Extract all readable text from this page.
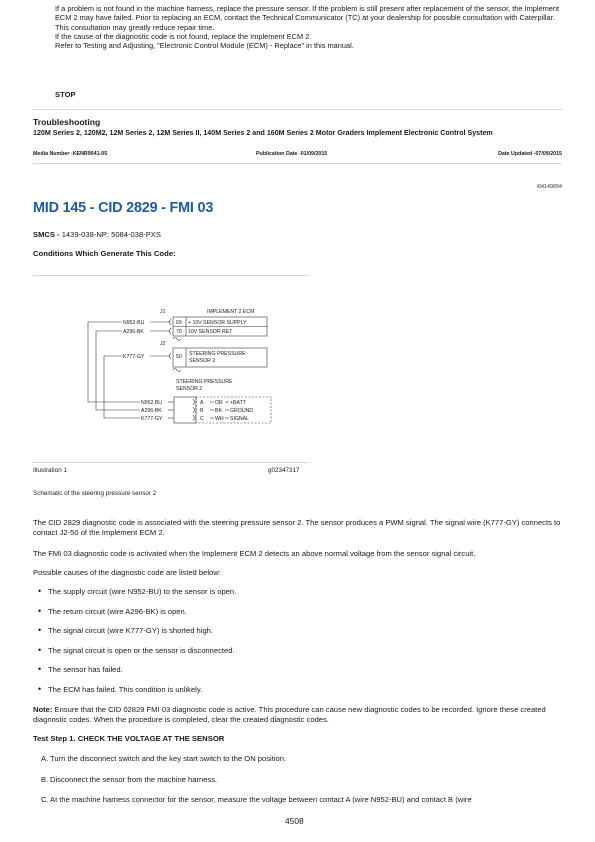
If a problem is not found in the machine harness, replace the pressure sensor. If the problem is still present after replacement of the sensor, the Implement ECM 2 may have failed. Prior to replacing an ECM, contact the Technical Communicator (TC) at your dealership for possible consultation with Caterpillar. This consultation may greatly reduce repair time.

If the cause of the diagnostic code is not found, replace the Implement ECM 2.

Refer to Testing and Adjusting, "Electronic Control Module (ECM) - Replace" in this manual.

STOP
Troubleshooting
120M Series 2, 120M2, 12M Series 2, 12M Series II, 140M Series 2 and 160M Series 2 Motor Graders Implement Electronic Control System
Media Number -KENR9041-05	Publication Date -01/09/2015	Date Updated -07/09/2015
i04149894
MID 145 - CID 2829 - FMI 03
SMCS - 1439-038-NP; 5084-038-PXS
Conditions Which Generate This Code:
J1	IMPLEMENT 2 ECM
N952-BU
A296-BK
69
70
+ 10V SENSOR SUPPLY
10V SENSOR RET
J2
K777-GY	50 STEERING PRESSURE
SENSOR 2
STEERING PRESSURE
SENSOR 2
N952 BU
A296-BK
K777-GY
A
B
C
OR
BK
WH
+BATT
GROUND
SIGNAL
Illustration 1	g02347317
Schematic of the steering pressure sensor 2
The CID 2829 diagnostic code is associated with the steering pressure sensor 2. The sensor produces a PWM signal. The signal wire (K777-GY) connects to contact J2-50 of the Implement ECM 2.
The FMI 03 diagnostic code is activated when the Implement ECM 2 detects an above normal voltage from the sensor signal circuit.
Possible causes of the diagnostic code are listed below:
• The supply circuit (wire N952-BU) to the sensor is open.
• The return circuit (wire A296-BK) is open.
• The signal circuit (wire K777-GY) is shorted high.
• The signal circuit is open or the sensor is disconnected.
• The sensor has failed.
• The ECM has failed. This condition is unlikely.
Note: Ensure that the CID 02829 FMI 03 diagnostic code is active. This procedure can cause new diagnostic codes to be recorded. Ignore these created diagnostic codes. When the procedure is completed, clear the created diagnostic codes.
Test Step 1. CHECK THE VOLTAGE AT THE SENSOR
A. Turn the disconnect switch and the key start switch to the ON position.
B. Disconnect the sensor from the machine harness.
C. At the machine harness connector for the sensor, measure the voltage between contact A (wire N952-BU) and contact B (wire
4508
